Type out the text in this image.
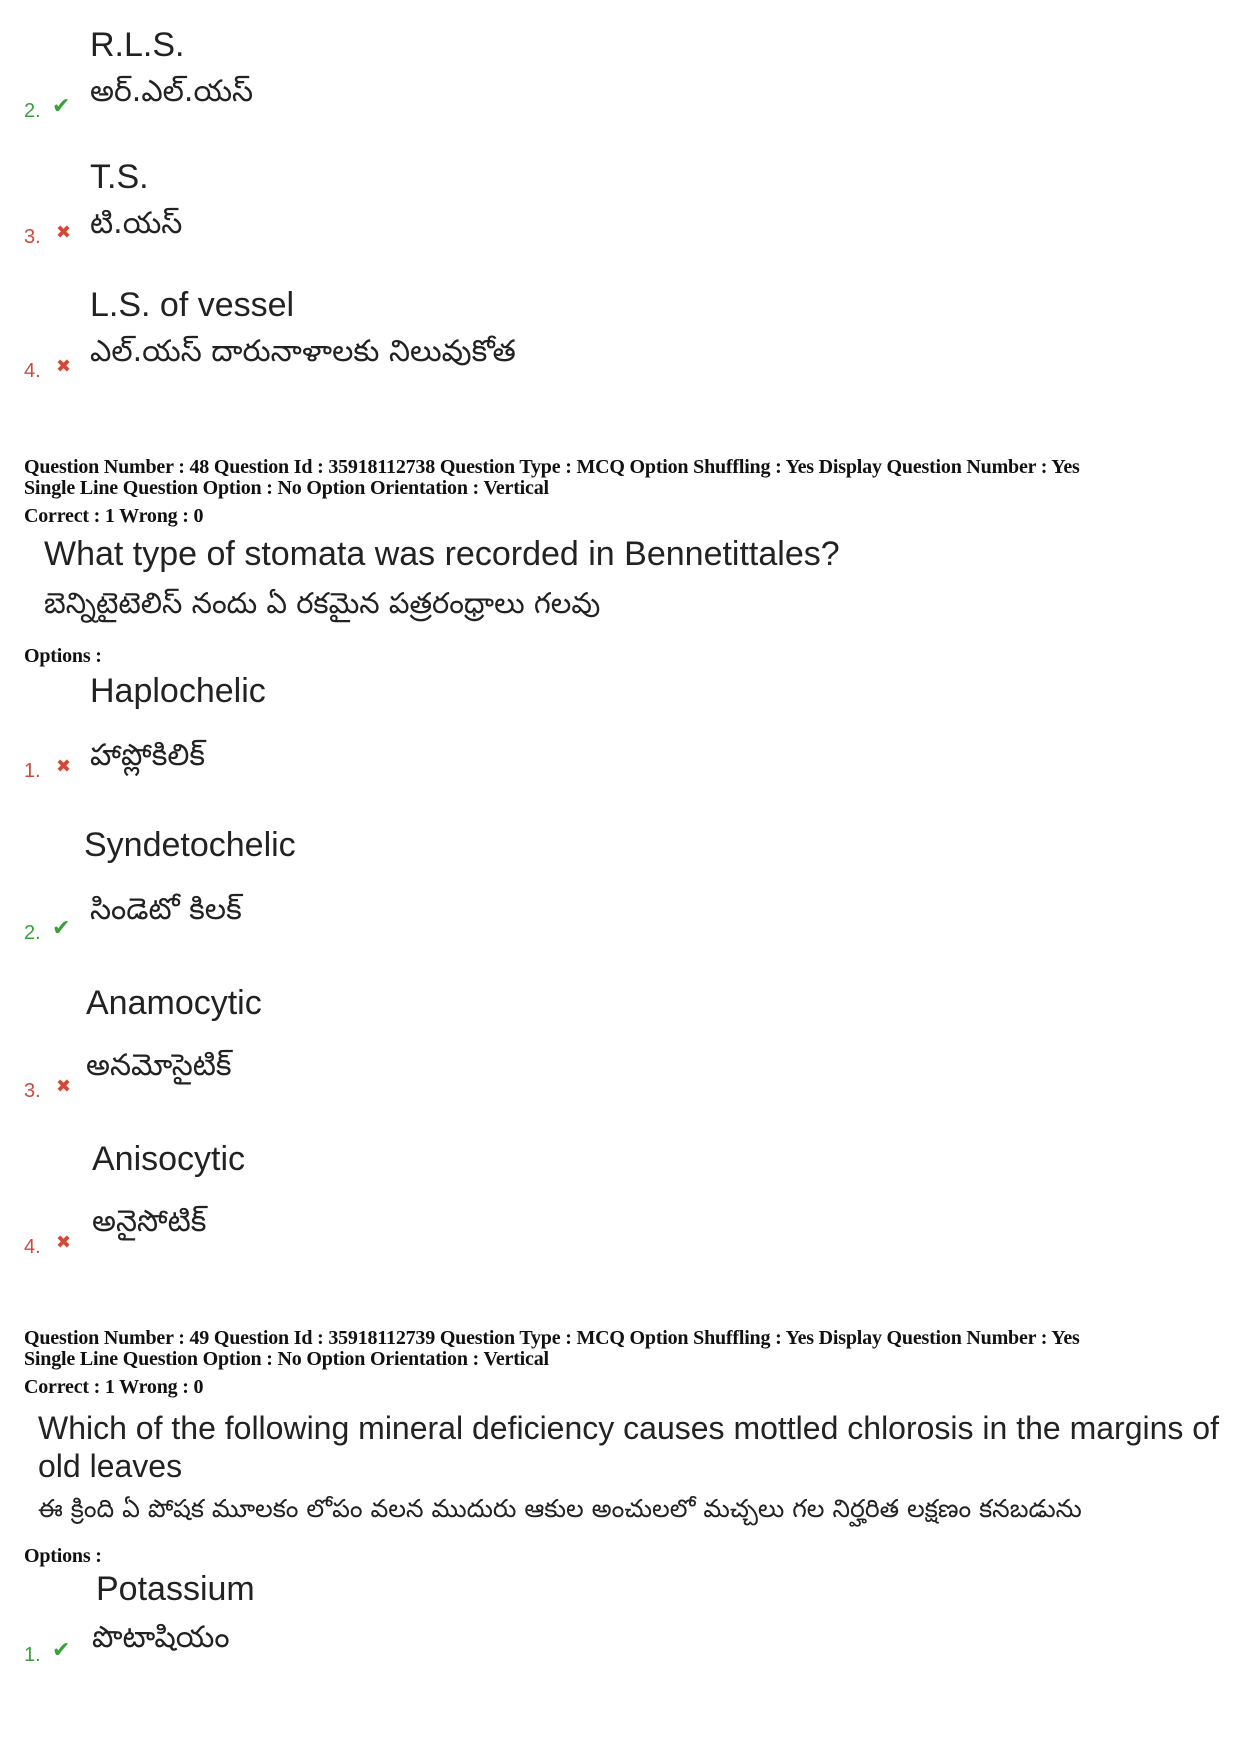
R.L.S.
అర్.ఎల్.యస్
2. ✔
T.S.
టి.యస్
3. ✖
L.S. of vessel
ఎల్.యస్ దారునాళాలకు నిలువుకోత
4. ✖
Question Number : 48 Question Id : 35918112738 Question Type : MCQ Option Shuffling : Yes Display Question Number : Yes
Single Line Question Option : No Option Orientation : Vertical
Correct : 1 Wrong : 0
What type of stomata was recorded in Bennetittales?
బెన్నిటైటెలిస్ నందు ఏ రకమైన పత్రరంధ్రాలు గలవు
Options :
Haplochelic
హాప్లోకిలిక్
1. ✖
Syndetochelic
సిండెటో కిలక్
2. ✔
Anamocytic
అనమోసైటిక్
3. ✖
Anisocytic
అనైసోటిక్
4. ✖
Question Number : 49 Question Id : 35918112739 Question Type : MCQ Option Shuffling : Yes Display Question Number : Yes
Single Line Question Option : No Option Orientation : Vertical
Correct : 1 Wrong : 0
Which of the following mineral deficiency causes mottled chlorosis in the margins of
old leaves
ఈ క్రింది ఏ పోషక మూలకం లోపం వలన ముదురు ఆకుల అంచులలో మచ్చలు గల నిర్హరిత లక్షణం కనబడును
Options :
Potassium
పొటాషియం
1. ✔
